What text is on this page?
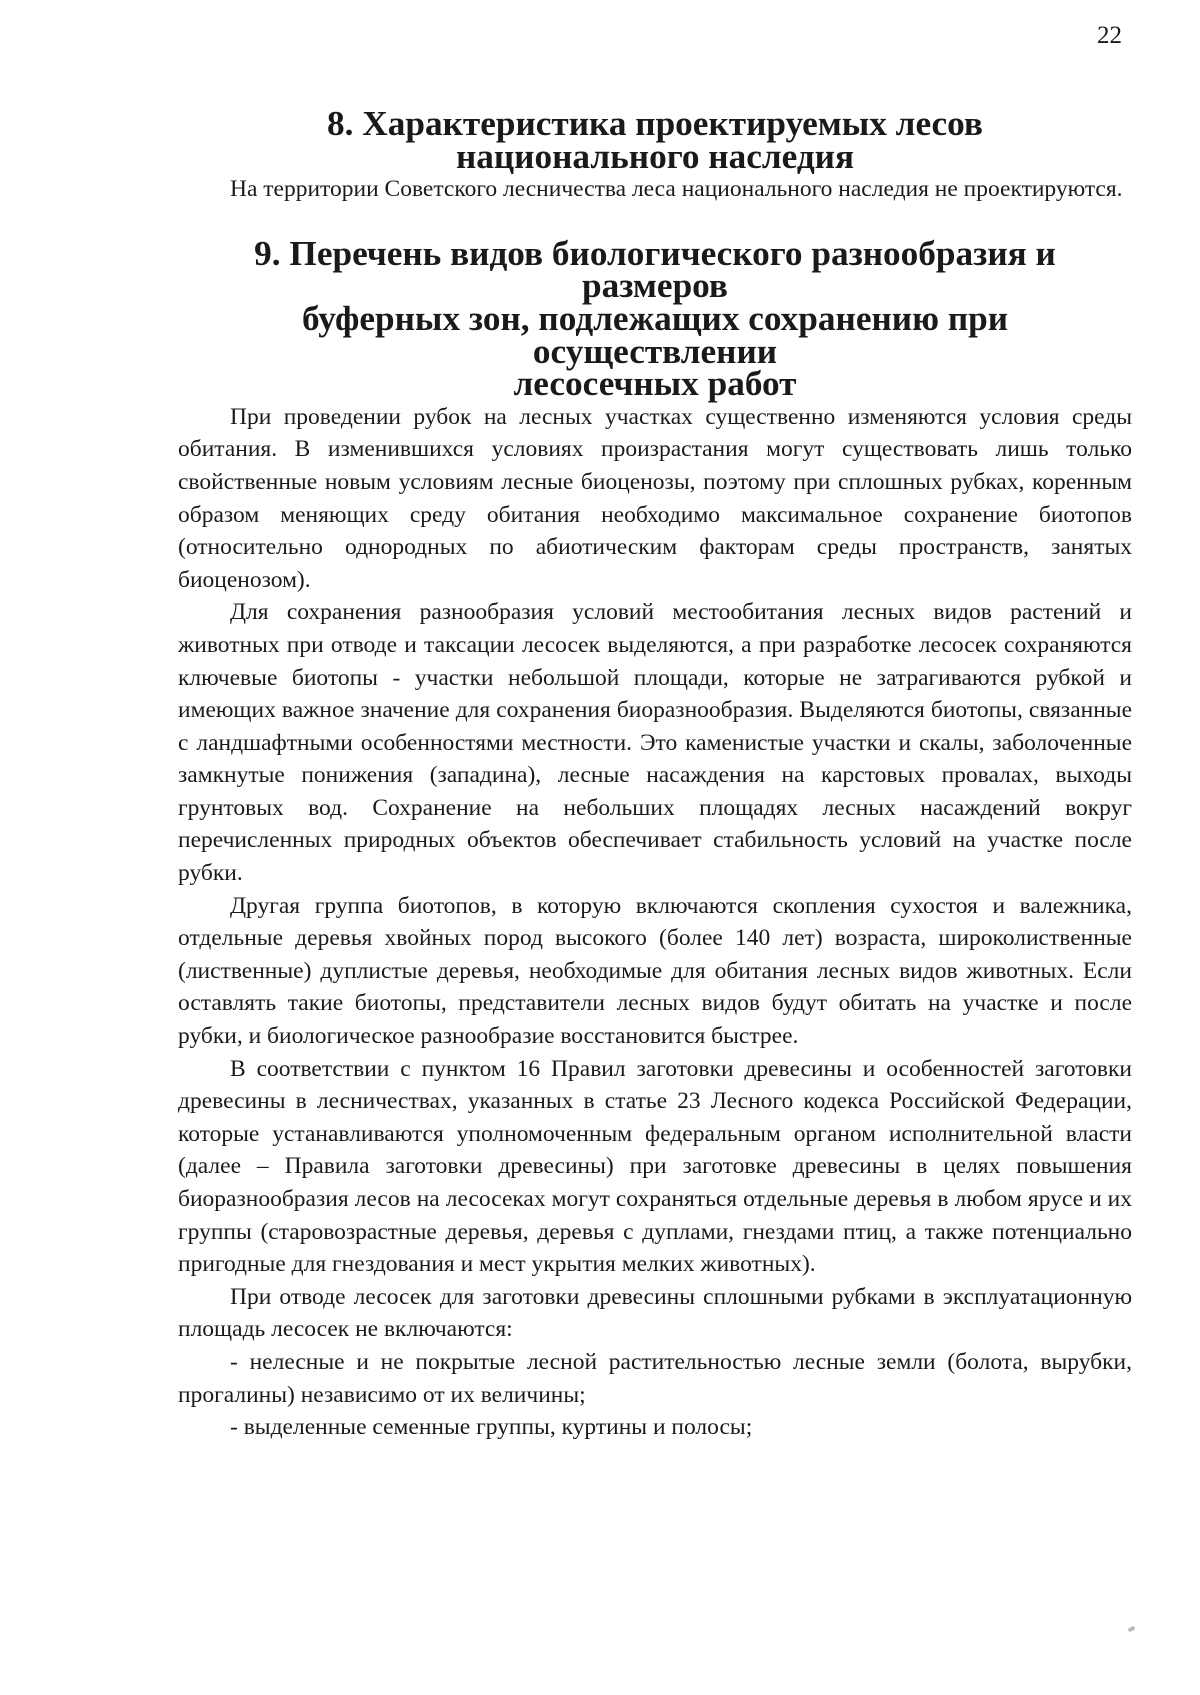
22
8. Характеристика проектируемых лесов
национального наследия

На территории Советского лесничества леса национального наследия не проектируются.

9. Перечень видов биологического разнообразия и размеров
буферных зон, подлежащих сохранению при осуществлении
лесосечных работ

При проведении рубок на лесных участках существенно изменяются условия среды обитания. В изменившихся условиях произрастания могут существовать лишь только свойственные новым условиям лесные биоценозы, поэтому при сплошных рубках, коренным образом меняющих среду обитания необходимо максимальное сохранение биотопов (относительно однородных по абиотическим факторам среды пространств, занятых биоценозом).

Для сохранения разнообразия условий местообитания лесных видов растений и животных при отводе и таксации лесосек выделяются, а при разработке лесосек сохраняются ключевые биотопы - участки небольшой площади, которые не затрагиваются рубкой и имеющих важное значение для сохранения биоразнообразия. Выделяются биотопы, связанные с ландшафтными особенностями местности. Это каменистые участки и скалы, заболоченные замкнутые понижения (западина), лесные насаждения на карстовых провалах, выходы грунтовых вод. Сохранение на небольших площадях лесных насаждений вокруг перечисленных природных объектов обеспечивает стабильность условий на участке после рубки.

Другая группа биотопов, в которую включаются скопления сухостоя и валежника, отдельные деревья хвойных пород высокого (более 140 лет) возраста, широколиственные (лиственные) дуплистые деревья, необходимые для обитания лесных видов животных. Если оставлять такие биотопы, представители лесных видов будут обитать на участке и после рубки, и биологическое разнообразие восстановится быстрее.

В соответствии с пунктом 16 Правил заготовки древесины и особенностей заготовки древесины в лесничествах, указанных в статье 23 Лесного кодекса Российской Федерации, которые устанавливаются уполномоченным федеральным органом исполнительной власти (далее – Правила заготовки древесины) при заготовке древесины в целях повышения биоразнообразия лесов на лесосеках могут сохраняться отдельные деревья в любом ярусе и их группы (старовозрастные деревья, деревья с дуплами, гнездами птиц, а также потенциально пригодные для гнездования и мест укрытия мелких животных).

При отводе лесосек для заготовки древесины сплошными рубками в эксплуатационную площадь лесосек не включаются:

- нелесные и не покрытые лесной растительностью лесные земли (болота, вырубки, прогалины) независимо от их величины;

- выделенные семенные группы, куртины и полосы;
